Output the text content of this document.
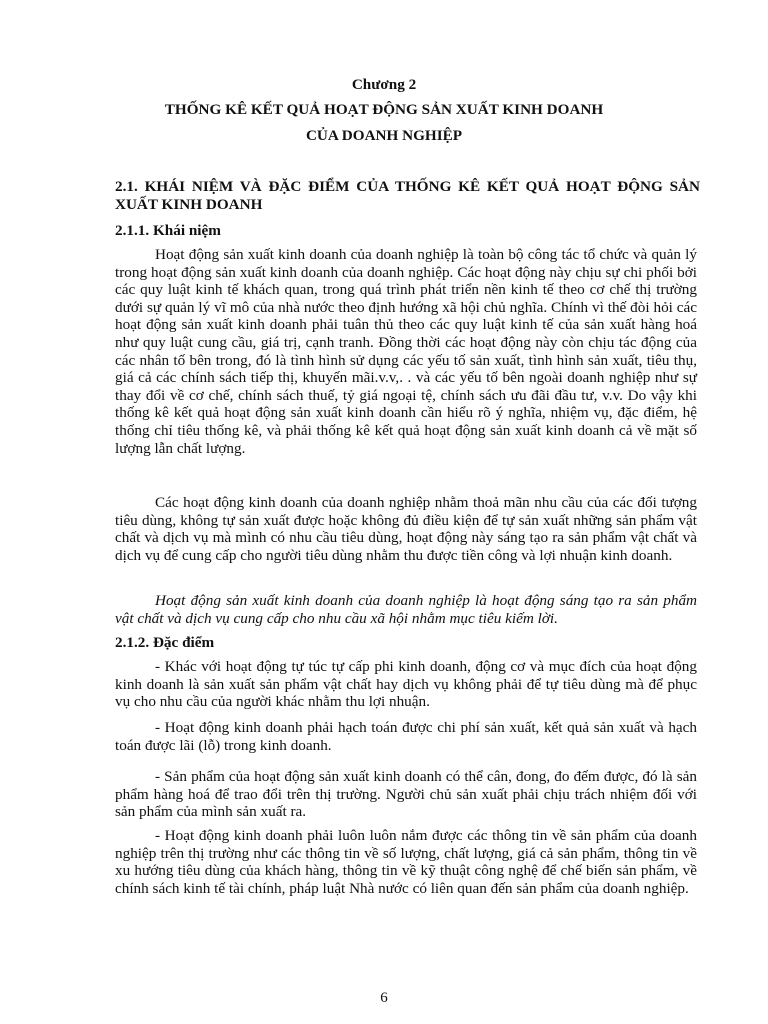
Chương 2
THỐNG KÊ KẾT QUẢ HOẠT ĐỘNG SẢN XUẤT KINH DOANH
CỦA DOANH NGHIỆP
2.1. KHÁI NIỆM VÀ ĐẶC ĐIỂM CỦA THỐNG KÊ KẾT QUẢ HOẠT ĐỘNG SẢN XUẤT KINH DOANH
2.1.1. Khái niệm

Hoạt động sản xuất kinh doanh của doanh nghiệp là toàn bộ công tác tổ chức và quản lý trong hoạt động sản xuất kinh doanh của doanh nghiệp. Các hoạt động này chịu sự chi phối bởi các quy luật kinh tế khách quan, trong quá trình phát triển nền kinh tế theo cơ chế thị trường dưới sự quản lý vĩ mô của nhà nước theo định hướng xã hội chủ nghĩa. Chính vì thế đòi hỏi các hoạt động sản xuất kinh doanh phải tuân thủ theo các quy luật kinh tế của sản xuất hàng hoá như quy luật cung cầu, giá trị, cạnh tranh. Đồng thời các hoạt động này còn chịu tác động của các nhân tố bên trong, đó là tình hình sử dụng các yếu tố sản xuất, tình hình sản xuất, tiêu thụ, giá cả các chính sách tiếp thị, khuyến mãi.v.v,. . và các yếu tố bên ngoài doanh nghiệp như sự thay đổi về cơ chế, chính sách thuế, tỷ giá ngoại tệ, chính sách ưu đãi đầu tư, v.v. Do vậy khi thống kê kết quả hoạt động sản xuất kinh doanh cần hiểu rõ ý nghĩa, nhiệm vụ, đặc điểm, hệ thống chỉ tiêu thống kê, và phải thống kê kết quả hoạt động sản xuất kinh doanh cả về mặt số lượng lẫn chất lượng.

Các hoạt động kinh doanh của doanh nghiệp nhằm thoả mãn nhu cầu của các đối tượng tiêu dùng, không tự sản xuất được hoặc không đủ điều kiện để tự sản xuất những sản phẩm vật chất và dịch vụ mà mình có nhu cầu tiêu dùng, hoạt động này sáng tạo ra sản phẩm vật chất và dịch vụ để cung cấp cho người tiêu dùng nhằm thu được tiền công và lợi nhuận kinh doanh.

Hoạt động sản xuất kinh doanh của doanh nghiệp là hoạt động sáng tạo ra sản phẩm vật chất và dịch vụ cung cấp cho nhu cầu xã hội nhằm mục tiêu kiếm lời.

2.1.2. Đặc điểm

- Khác với hoạt động tự túc tự cấp phi kinh doanh, động cơ và mục đích của hoạt động kinh doanh là sản xuất sản phẩm vật chất hay dịch vụ không phải để tự tiêu dùng mà để phục vụ cho nhu cầu của người khác nhằm thu lợi nhuận.

- Hoạt động kinh doanh phải hạch toán được chi phí sản xuất, kết quả sản xuất và hạch toán được lãi (lỗ) trong kinh doanh.

- Sản phẩm của hoạt động sản xuất kinh doanh có thể cân, đong, đo đếm được, đó là sản phẩm hàng hoá để trao đổi trên thị trường. Người chủ sản xuất phải chịu trách nhiệm đối với sản phẩm của mình sản xuất ra.

- Hoạt động kinh doanh phải luôn luôn nắm được các thông tin về sản phẩm của doanh nghiệp trên thị trường như các thông tin về số lượng, chất lượng, giá cả sản phẩm, thông tin về xu hướng tiêu dùng của khách hàng, thông tin về kỹ thuật công nghệ để chế biến sản phẩm, về chính sách kinh tế tài chính, pháp luật Nhà nước có liên quan đến sản phẩm của doanh nghiệp.

6
